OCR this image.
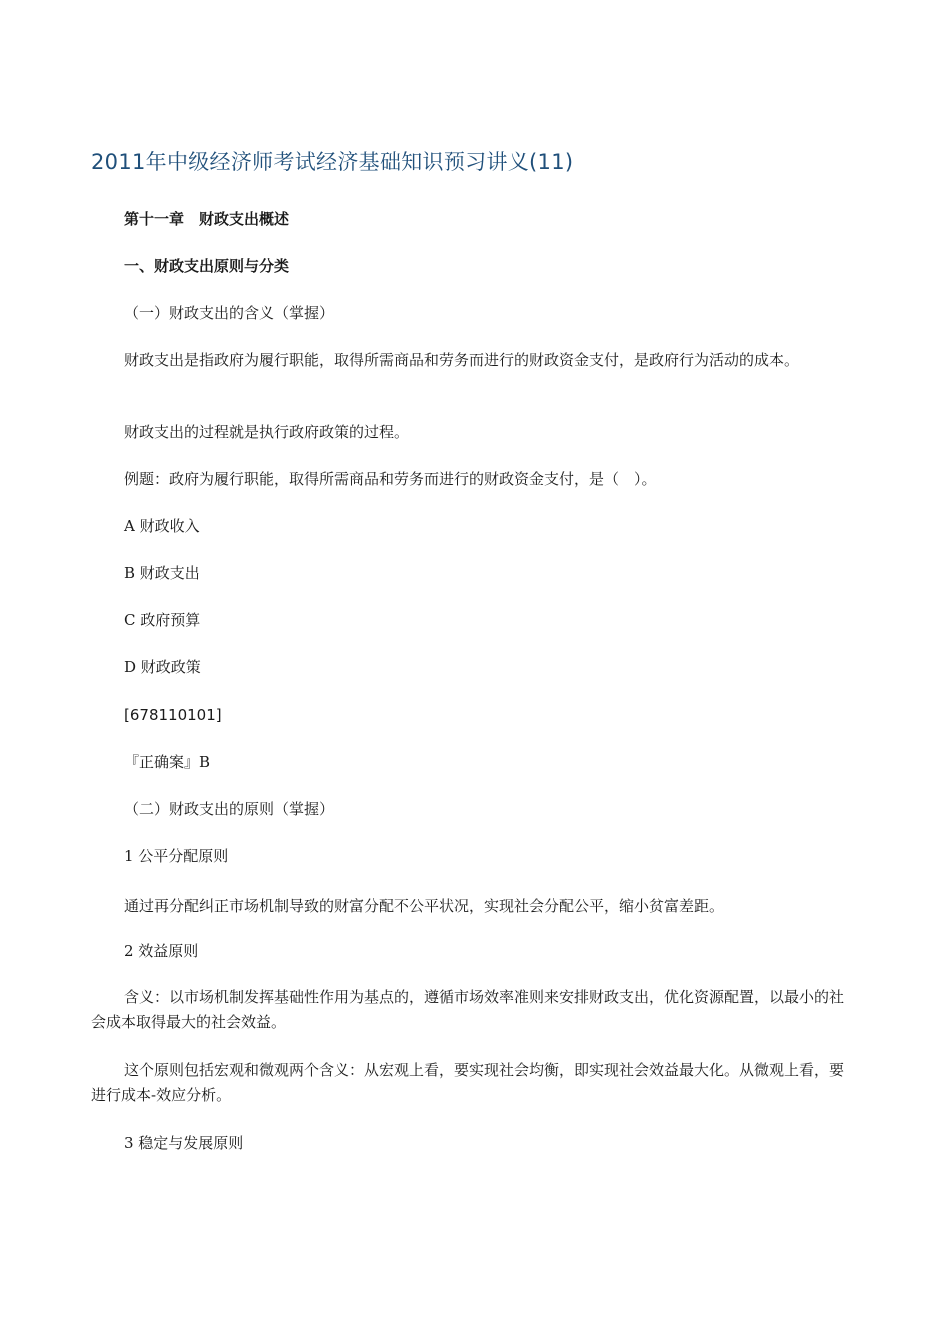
2011年中级经济师考试经济基础知识预习讲义(11)
第十一章　财政支出概述
一、财政支出原则与分类
（一）财政支出的含义（掌握）
财政支出是指政府为履行职能，取得所需商品和劳务而进行的财政资金支付，是政府行为活动的成本。
财政支出的过程就是执行政府政策的过程。
例题：政府为履行职能，取得所需商品和劳务而进行的财政资金支付，是（　）。
A 财政收入
B 财政支出
C 政府预算
D 财政政策
[678110101]
『正确案』B
（二）财政支出的原则（掌握）
1 公平分配原则
通过再分配纠正市场机制导致的财富分配不公平状况，实现社会分配公平，缩小贫富差距。
2 效益原则
含义：以市场机制发挥基础性作用为基点的，遵循市场效率准则来安排财政支出，优化资源配置，以最小的社会成本取得最大的社会效益。
这个原则包括宏观和微观两个含义：从宏观上看，要实现社会均衡，即实现社会效益最大化。从微观上看，要进行成本-效应分析。
3 稳定与发展原则
